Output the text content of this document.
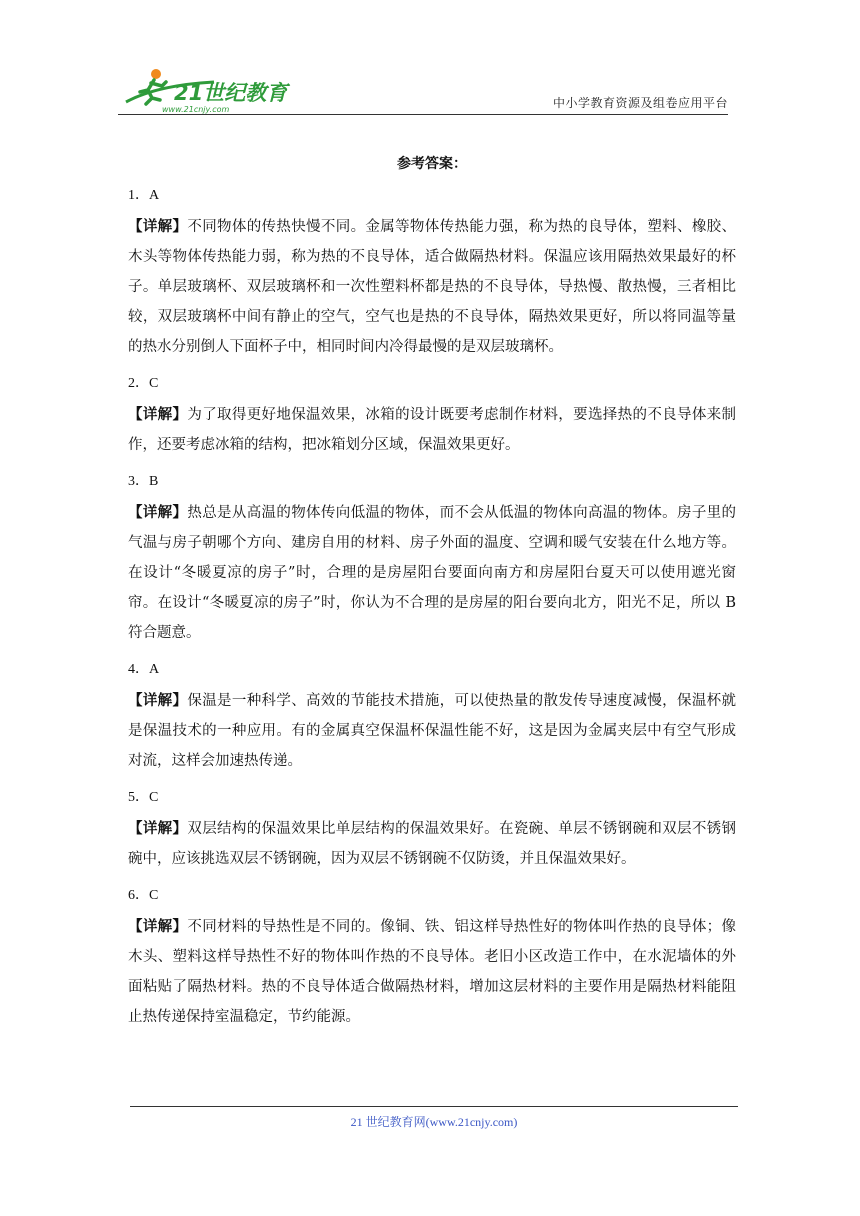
21世纪教育
www.21cnjy.com	中小学教育资源及组卷应用平台
参考答案：
1．A
【详解】不同物体的传热快慢不同。金属等物体传热能力强，称为热的良导体，塑料、橡胶、木头等物体传热能力弱，称为热的不良导体，适合做隔热材料。保温应该用隔热效果最好的杯子。单层玻璃杯、双层玻璃杯和一次性塑料杯都是热的不良导体，导热慢、散热慢，三者相比较，双层玻璃杯中间有静止的空气，空气也是热的不良导体，隔热效果更好，所以将同温等量的热水分别倒人下面杯子中，相同时间内冷得最慢的是双层玻璃杯。
2．C
【详解】为了取得更好地保温效果，冰箱的设计既要考虑制作材料，要选择热的不良导体来制作，还要考虑冰箱的结构，把冰箱划分区域，保温效果更好。
3．B
【详解】热总是从高温的物体传向低温的物体，而不会从低温的物体向高温的物体。房子里的气温与房子朝哪个方向、建房自用的材料、房子外面的温度、空调和暖气安装在什么地方等。在设计“冬暖夏凉的房子”时，合理的是房屋阳台要面向南方和房屋阳台夏天可以使用遮光窗帘。在设计“冬暖夏凉的房子”时，你认为不合理的是房屋的阳台要向北方，阳光不足，所以 B 符合题意。
4．A
【详解】保温是一种科学、高效的节能技术措施，可以使热量的散发传导速度减慢，保温杯就是保温技术的一种应用。有的金属真空保温杯保温性能不好，这是因为金属夹层中有空气形成对流，这样会加速热传递。
5．C
【详解】双层结构的保温效果比单层结构的保温效果好。在瓷碗、单层不锈钢碗和双层不锈钢碗中，应该挑选双层不锈钢碗，因为双层不锈钢碗不仅防烫，并且保温效果好。
6．C
【详解】不同材料的导热性是不同的。像铜、铁、铝这样导热性好的物体叫作热的良导体；像木头、塑料这样导热性不好的物体叫作热的不良导体。老旧小区改造工作中，在水泥墙体的外面粘贴了隔热材料。热的不良导体适合做隔热材料，增加这层材料的主要作用是隔热材料能阻止热传递保持室温稳定，节约能源。
21 世纪教育网(www.21cnjy.com)
